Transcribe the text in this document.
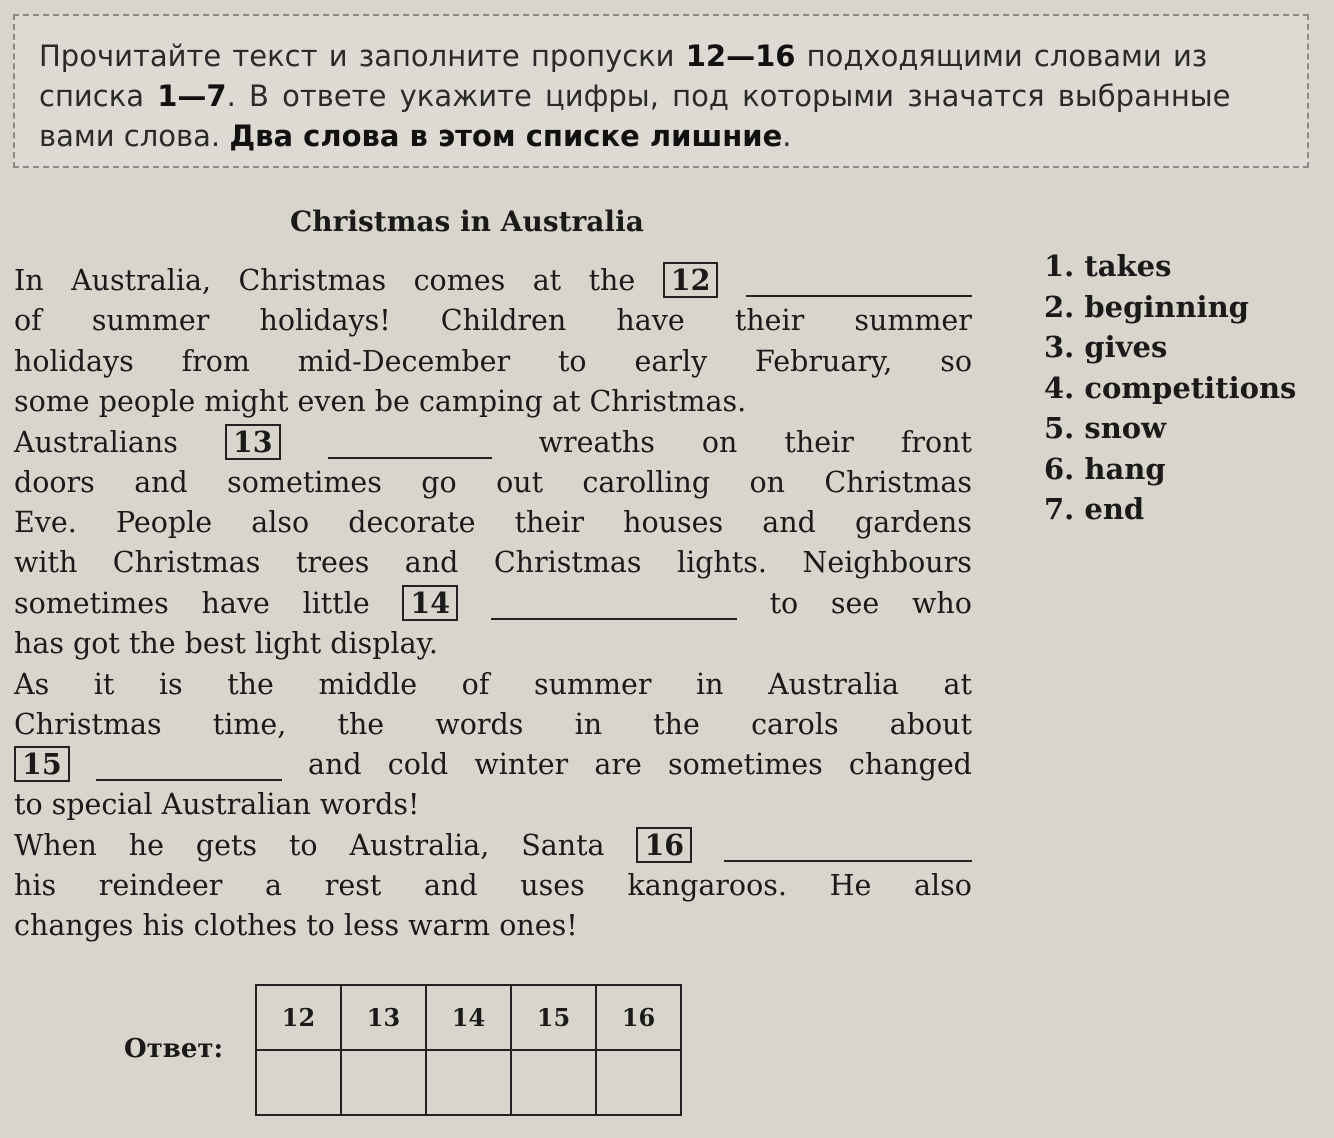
Прочитайте текст и заполните пропуски 12—16 подходящими словами из
списка 1—7. В ответе укажите цифры, под которыми значатся выбранные
вами слова. Два слова в этом списке лишние.
Christmas in Australia
In Australia, Christmas comes at the 12
of summer holidays! Children have their summer
holidays from mid-December to early February, so
some people might even be camping at Christmas.
Australians 13	wreaths on their front
doors and sometimes go out carolling on Christmas
Eve. People also decorate their houses and gardens
with Christmas trees and Christmas lights. Neighbours
sometimes have little 14	to see who
has got the best light display.
As it is the middle of summer in Australia at
Christmas time, the words in the carols about
15	and cold winter are sometimes changed
to special Australian words!
When he gets to Australia, Santa 16
his reindeer a rest and uses kangaroos. He also
changes his clothes to less warm ones!
1. takes
2. beginning
3. gives
4. competitions
5. snow
6. hang
7. end
Ответ:
12	13	14	15	16
